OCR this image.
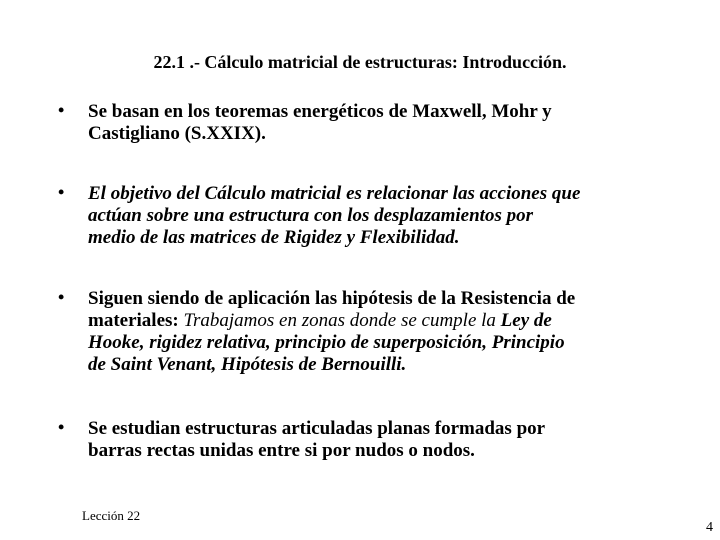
22.1 .- Cálculo matricial de estructuras: Introducción.
• Se basan en los teoremas energéticos de Maxwell, Mohr y
Castigliano (S.XXIX).
• El objetivo del Cálculo matricial es relacionar las acciones que
actúan sobre una estructura con los desplazamientos por
medio de las matrices de Rigidez y Flexibilidad.
• Siguen siendo de aplicación las hipótesis de la Resistencia de
materiales: Trabajamos en zonas donde se cumple la Ley de
Hooke, rigidez relativa, principio de superposición, Principio
de Saint Venant, Hipótesis de Bernouilli.
• Se estudian estructuras articuladas planas formadas por
barras rectas unidas entre si por nudos o nodos.
Lección 22
4
